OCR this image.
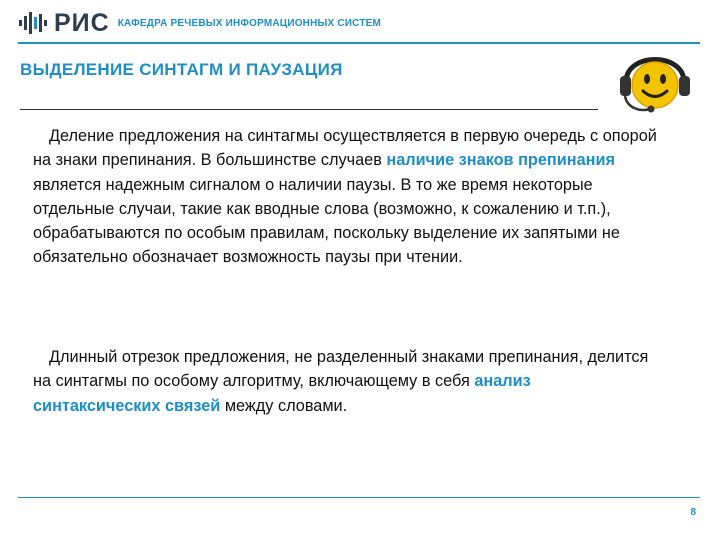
РИС КАФЕДРА РЕЧЕВЫХ ИНФОРМАЦИОННЫХ СИСТЕМ
ВЫДЕЛЕНИЕ СИНТАГМ И ПАУЗАЦИЯ

Деление предложения на синтагмы осуществляется в первую очередь с опорой на знаки препинания. В большинстве случаев наличие знаков препинания является надежным сигналом о наличии паузы. В то же время некоторые отдельные случаи, такие как вводные слова (возможно, к сожалению и т.п.), обрабатываются по особым правилам, поскольку выделение их запятыми не обязательно обозначает возможность паузы при чтении.

Длинный отрезок предложения, не разделенный знаками препинания, делится на синтагмы по особому алгоритму, включающему в себя анализ синтаксических связей между словами.

8
